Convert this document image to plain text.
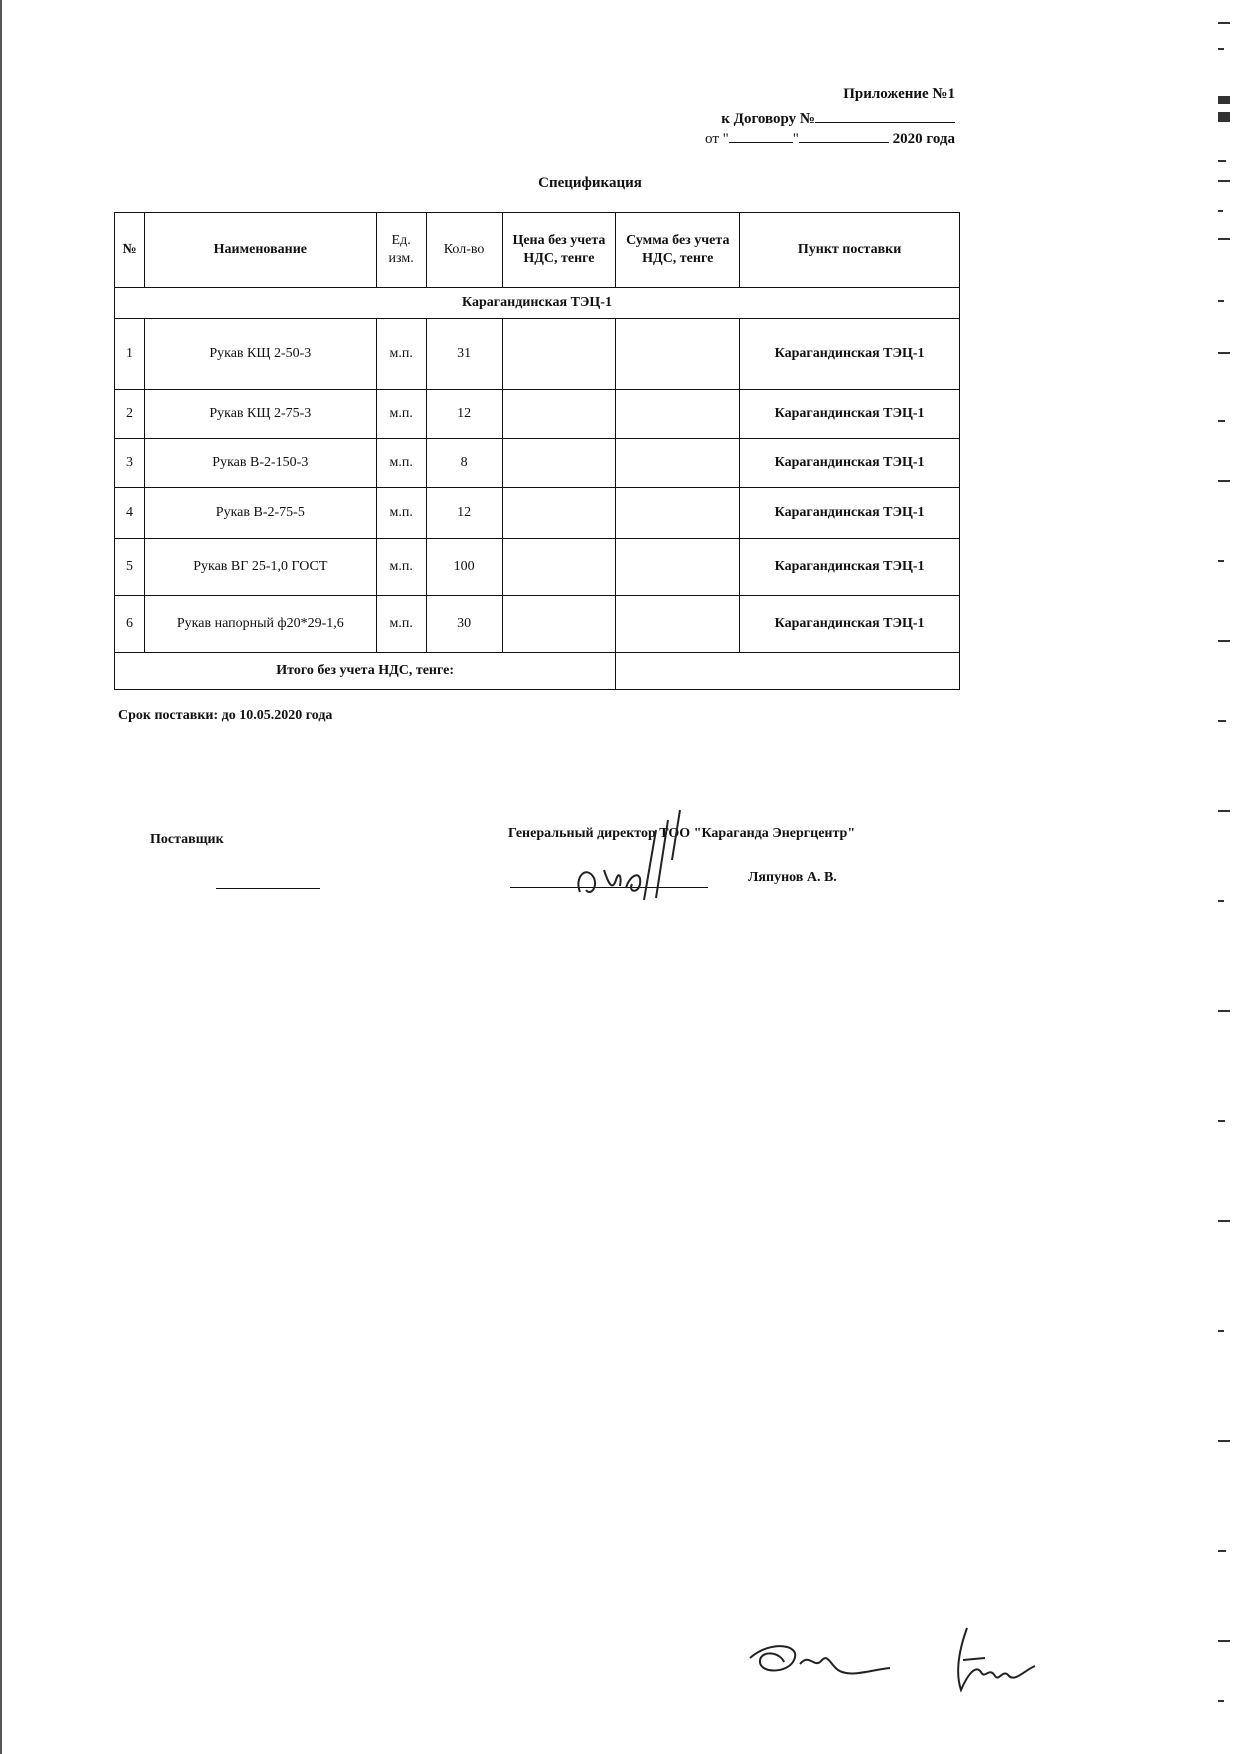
Приложение №1
к Договору №
от "	"	2020 года
Спецификация
№	Наименование	Ед. изм.	Кол-во	Цена без учета НДС, тенге	Сумма без учета НДС, тенге	Пункт поставки
Карагандинская ТЭЦ-1						
1	Рукав КЩ 2-50-3	м.п.	31			Карагандинская ТЭЦ-1
2	Рукав КЩ 2-75-3	м.п.	12			Карагандинская ТЭЦ-1
3	Рукав В-2-150-3	м.п.	8			Карагандинская ТЭЦ-1
4	Рукав В-2-75-5	м.п.	12			Карагандинская ТЭЦ-1
5	Рукав ВГ 25-1,0 ГОСТ	м.п.	100			Карагандинская ТЭЦ-1
6	Рукав напорный ф20*29-1,6	м.п.	30			Карагандинская ТЭЦ-1
Итого без учета НДС, тенге:						
Срок поставки: до 10.05.2020 года
Поставщик	Генеральный директор ТОО "Караганда Энергцентр"
Ляпунов А. В.
